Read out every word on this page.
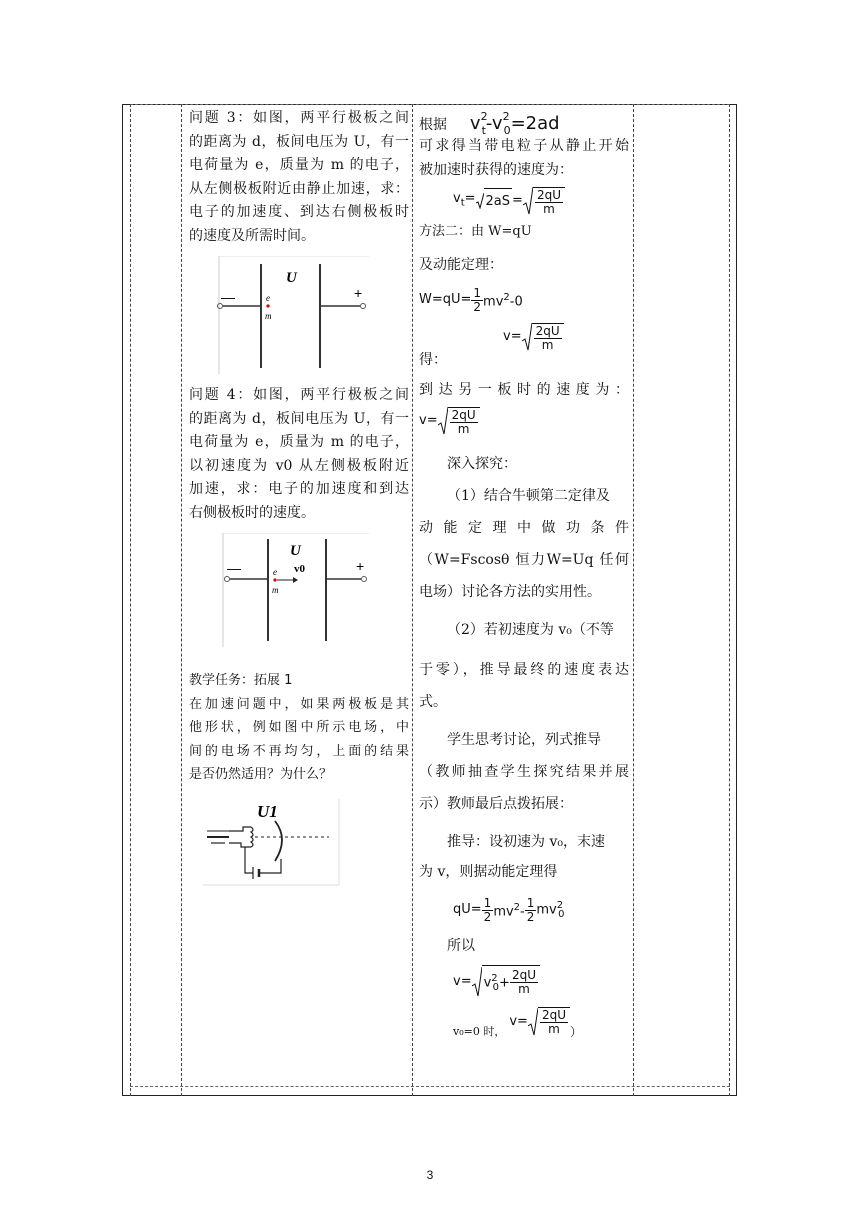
问题 3：如图，两平行极板之间

的距离为 d，板间电压为 U，有一

电荷量为 e，质量为 m 的电子，

从左侧极板附近由静止加速，求：

电子的加速度、到达右侧极板时

的速度及所需时间。

—	+
U
e
m

问题 4：如图，两平行极板之间

的距离为 d，板间电压为 U，有一

电荷量为 e，质量为 m 的电子，

以初速度为 v0 从左侧极板附近

加速，求：电子的加速度和到达

右侧极板时的速度。

—	+
U
v0
e
m

教学任务：拓展 1

在加速问题中，如果两极板是其

他形状，例如图中所示电场，中

间的电场不再均匀，上面的结果

是否仍然适用？为什么？

U1

根据 $v^2_t-v^2_0=2ad$

可求得当带电粒子从静止开始

被加速时获得的速度为：

$v_t= 2aS = \frac{2qU}{m}$

方法二：由 W=qU

及动能定理：

$W=qU= \frac{1}{2} mv^2-0$

$v= \frac{2qU}{m}$

得：

到达另一板时的速度为：

$v= \frac{2qU}{m}$

深入探究：

（1）结合牛顿第二定律及

动能定理中做功条件

（W=Fscosθ 恒力W=Uq 任何

电场）讨论各方法的实用性。

（2）若初速度为 v₀（不等

于零），推导最终的速度表达

式。

学生思考讨论，列式推导

（教师抽查学生探究结果并展

示）教师最后点拨拓展：

推导：设初速为 v₀，末速

为 v，则据动能定理得

$qU= \frac{1}{2} mv^2- \frac{1}{2} mv^2_0$

所以

$v= v^2_0+ \frac{2qU}{m}$

v₀=0 时，
$v= \frac{2qU}{m}$ ）

3
